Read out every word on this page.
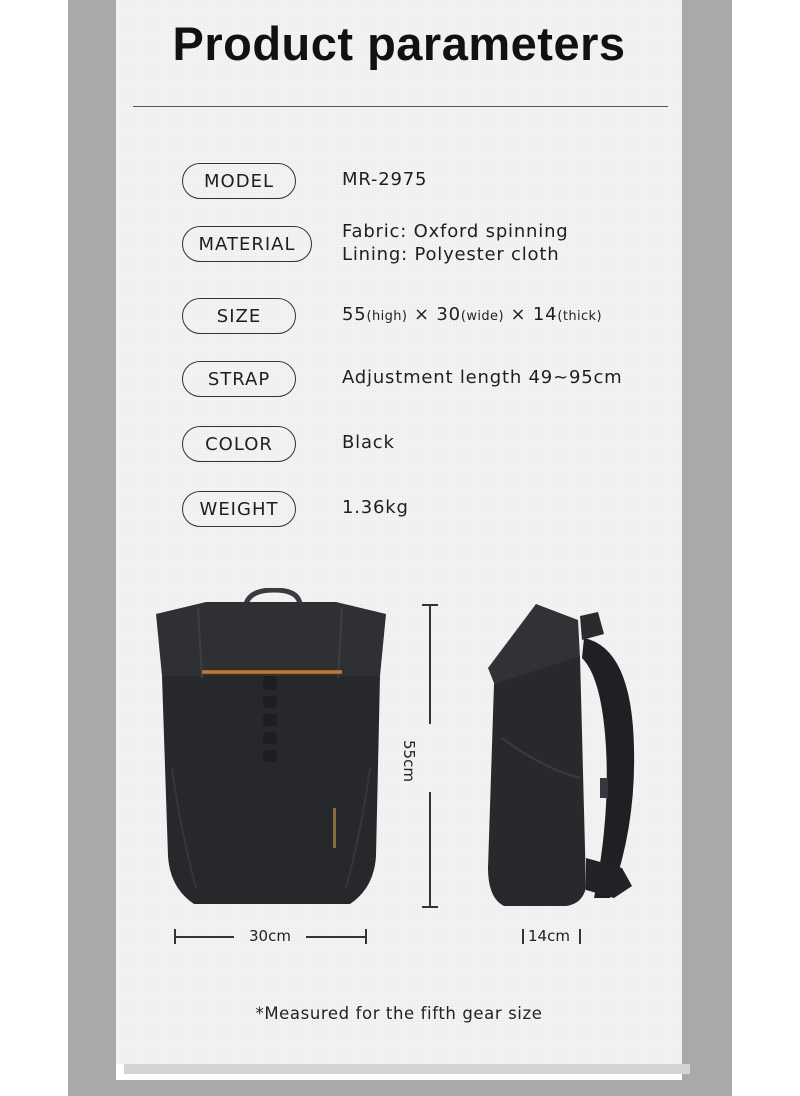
Product parameters
MODEL	MR-2975
MATERIAL
Fabric: Oxford spinning
Lining: Polyester cloth
SIZE	55(high) × 30(wide) × 14(thick)
STRAP	Adjustment length 49~95cm
COLOR	Black
WEIGHT	1.36kg
55cm
30cm	14cm
*Measured for the fifth gear size
